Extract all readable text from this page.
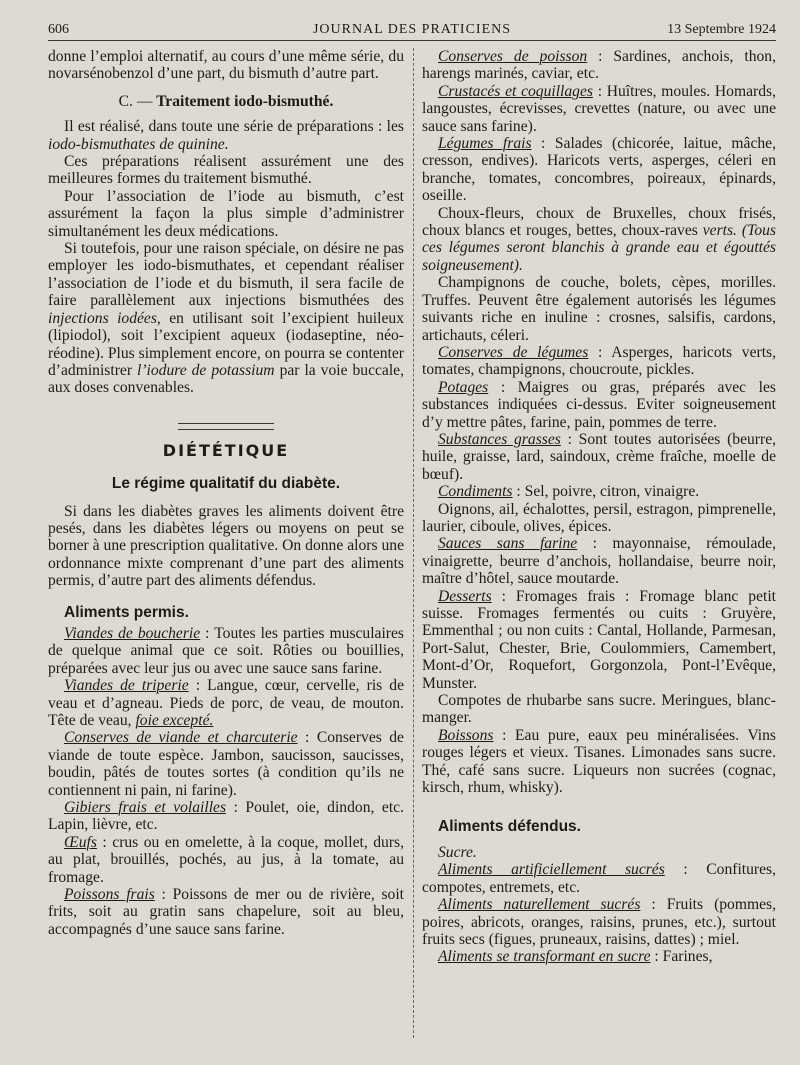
606	JOURNAL DES PRATICIENS	13 Septembre 1924

donne l’emploi alternatif, au cours d’une même série, du novarsénobenzol d’une part, du bismuth d’autre part.

C. — Traitement iodo-bismuthé.

Il est réalisé, dans toute une série de préparations : les iodo-bismuthates de quinine.

Ces préparations réalisent assurément une des meilleures formes du traitement bismuthé.

Pour l’association de l’iode au bismuth, c’est assurément la façon la plus simple d’administrer simultanément les deux médications.

Si toutefois, pour une raison spéciale, on désire ne pas employer les iodo-bismuthates, et cependant réaliser l’association de l’iode et du bismuth, il sera facile de faire parallèlement aux injections bismuthées des injections iodées, en utilisant soit l’excipient huileux (lipiodol), soit l’excipient aqueux (iodaseptine, néo-réodine). Plus simplement encore, on pourra se contenter d’administrer l’iodure de potassium par la voie buccale, aux doses convenables.

DIÉTÉTIQUE

Le régime qualitatif du diabète.

Si dans les diabètes graves les aliments doivent être pesés, dans les diabètes légers ou moyens on peut se borner à une prescription qualitative. On donne alors une ordonnance mixte comprenant d’une part des aliments permis, d’autre part des aliments défendus.

Aliments permis.

Viandes de boucherie : Toutes les parties musculaires de quelque animal que ce soit. Rôties ou bouillies, préparées avec leur jus ou avec une sauce sans farine.

Viandes de triperie : Langue, cœur, cervelle, ris de veau et d’agneau. Pieds de porc, de veau, de mouton. Tête de veau, foie excepté.

Conserves de viande et charcuterie : Conserves de viande de toute espèce. Jambon, saucisson, saucisses, boudin, pâtés de toutes sortes (à condition qu’ils ne contiennent ni pain, ni farine).

Gibiers frais et volailles : Poulet, oie, dindon, etc. Lapin, lièvre, etc.

Œufs : crus ou en omelette, à la coque, mollet, durs, au plat, brouillés, pochés, au jus, à la tomate, au fromage.

Poissons frais : Poissons de mer ou de rivière, soit frits, soit au gratin sans chapelure, soit au bleu, accompagnés d’une sauce sans farine.

Conserves de poisson : Sardines, anchois, thon, harengs marinés, caviar, etc.

Crustacés et coquillages : Huîtres, moules. Homards, langoustes, écrevisses, crevettes (nature, ou avec une sauce sans farine).

Légumes frais : Salades (chicorée, laitue, mâche, cresson, endives). Haricots verts, asperges, céleri en branche, tomates, concombres, poireaux, épinards, oseille.

Choux-fleurs, choux de Bruxelles, choux frisés, choux blancs et rouges, bettes, choux-raves verts. (Tous ces légumes seront blanchis à grande eau et égouttés soigneusement).

Champignons de couche, bolets, cèpes, morilles. Truffes. Peuvent être également autorisés les légumes suivants riche en inuline : crosnes, salsifis, cardons, artichauts, céleri.

Conserves de légumes : Asperges, haricots verts, tomates, champignons, choucroute, pickles.

Potages : Maigres ou gras, préparés avec les substances indiquées ci-dessus. Eviter soigneusement d’y mettre pâtes, farine, pain, pommes de terre.

Substances grasses : Sont toutes autorisées (beurre, huile, graisse, lard, saindoux, crème fraîche, moelle de bœuf).

Condiments : Sel, poivre, citron, vinaigre.

Oignons, ail, échalottes, persil, estragon, pimprenelle, laurier, ciboule, olives, épices.

Sauces sans farine : mayonnaise, rémoulade, vinaigrette, beurre d’anchois, hollandaise, beurre noir, maître d’hôtel, sauce moutarde.

Desserts : Fromages frais : Fromage blanc petit suisse. Fromages fermentés ou cuits : Gruyère, Emmenthal ; ou non cuits : Cantal, Hollande, Parmesan, Port-Salut, Chester, Brie, Coulommiers, Camembert, Mont-d’Or, Roquefort, Gorgonzola, Pont-l’Evêque, Munster.

Compotes de rhubarbe sans sucre. Meringues, blanc-manger.

Boissons : Eau pure, eaux peu minéralisées. Vins rouges légers et vieux. Tisanes. Limonades sans sucre. Thé, café sans sucre. Liqueurs non sucrées (cognac, kirsch, rhum, whisky).

Aliments défendus.

Sucre.

Aliments artificiellement sucrés : Confitures, compotes, entremets, etc.

Aliments naturellement sucrés : Fruits (pommes, poires, abricots, oranges, raisins, prunes, etc.), surtout fruits secs (figues, pruneaux, raisins, dattes) ; miel.

Aliments se transformant en sucre : Farines,
